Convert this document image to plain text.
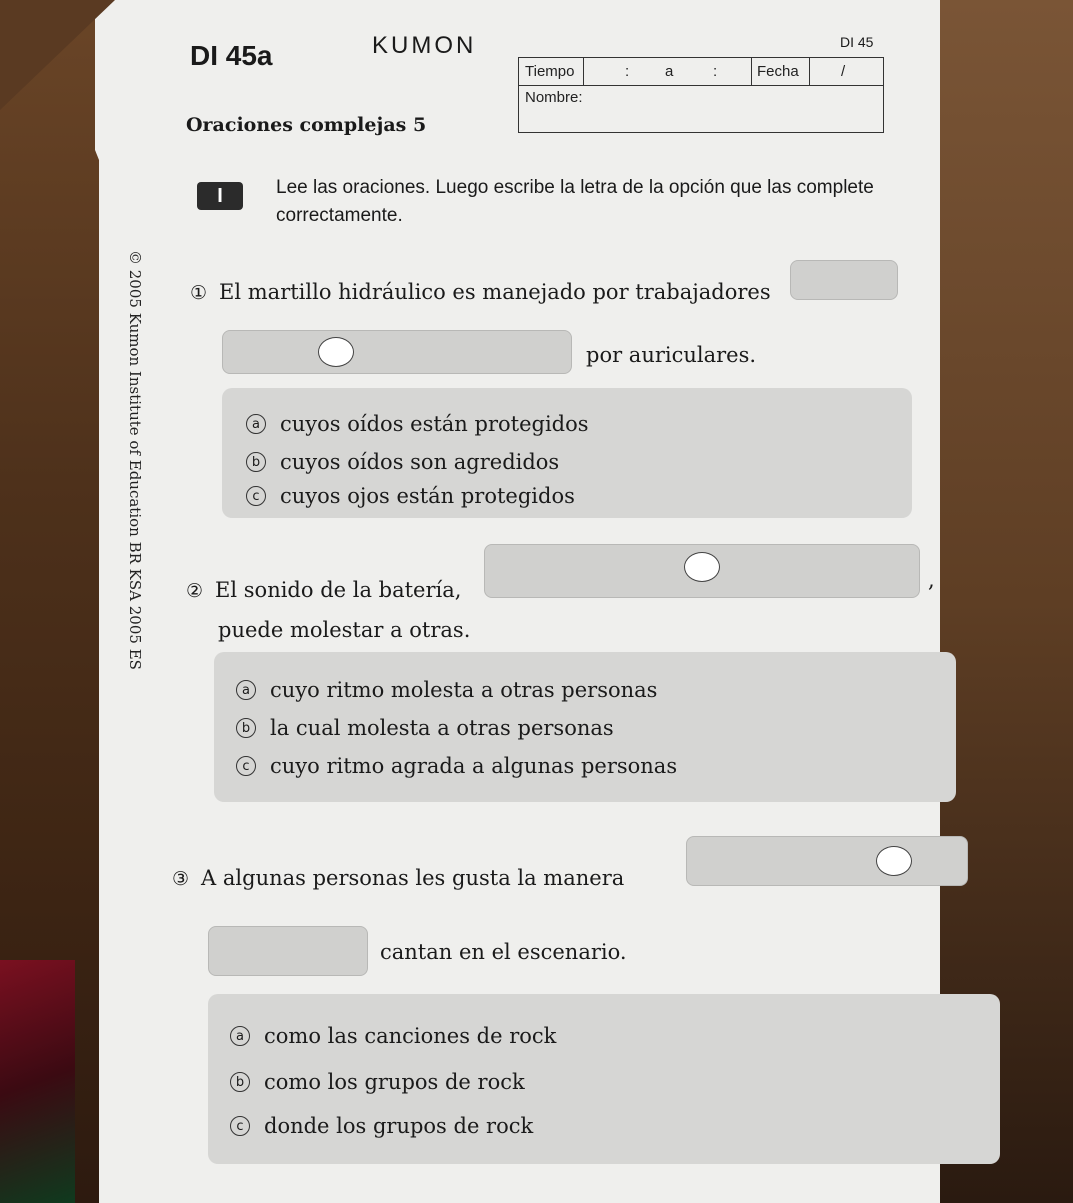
DI 45a	KUMON	DI 45
Tiempo	: a	:	Fecha	/
Nombre:
Oraciones complejas 5
I	Lee las oraciones. Luego escribe la letra de la opción que las complete correctamente.
© 2005 Kumon Institute of Education BR KSA 2005 ES ① El martillo hidráulico es manejado por trabajadores
por auriculares.
a cuyos oídos están protegidos
b cuyos oídos son agredidos
c cuyos ojos están protegidos
② El sonido de la batería,	,
puede molestar a otras.
a cuyo ritmo molesta a otras personas
b la cual molesta a otras personas
c cuyo ritmo agrada a algunas personas
③ A algunas personas les gusta la manera
cantan en el escenario.
a como las canciones de rock
b como los grupos de rock
c donde los grupos de rock
